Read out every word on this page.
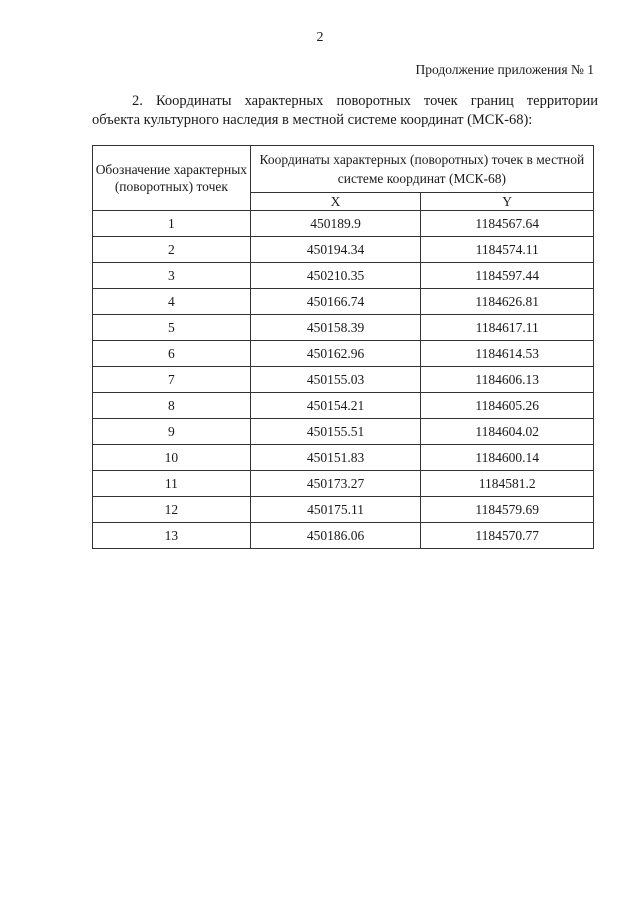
2
Продолжение приложения № 1
2. Координаты характерных поворотных точек границ территории
объекта культурного наследия в местной системе координат (МСК-68):
Обозначение характерных (поворотных) точек	Координаты характерных (поворотных) точек в местной системе координат (МСК-68)	
	X	Y
1	450189.9	1184567.64
2	450194.34	1184574.11
3	450210.35	1184597.44
4	450166.74	1184626.81
5	450158.39	1184617.11
6	450162.96	1184614.53
7	450155.03	1184606.13
8	450154.21	1184605.26
9	450155.51	1184604.02
10	450151.83	1184600.14
11	450173.27	1184581.2
12	450175.11	1184579.69
13	450186.06	1184570.77
